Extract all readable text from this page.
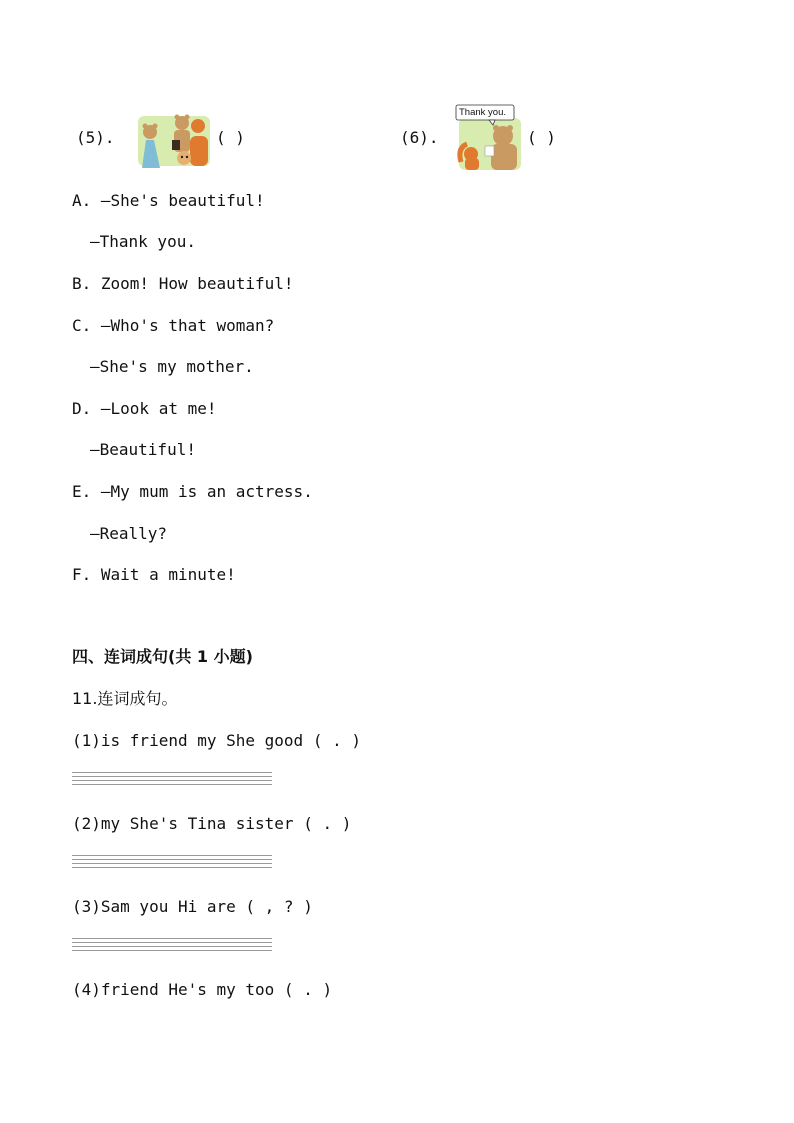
(5).	( )	(6).
Thank you.
( )
A. —She's beautiful!
—Thank you.
B. Zoom! How beautiful!
C. —Who's that woman?
—She's my mother.
D. —Look at me!
—Beautiful!
E. —My mum is an actress.
—Really?
F. Wait a minute!
四、连词成句(共 1 小题)
11.连词成句。
(1)is friend my She good ( . )
(2)my She's Tina sister ( . )
(3)Sam you Hi are ( , ? )
(4)friend He's my too ( . )
